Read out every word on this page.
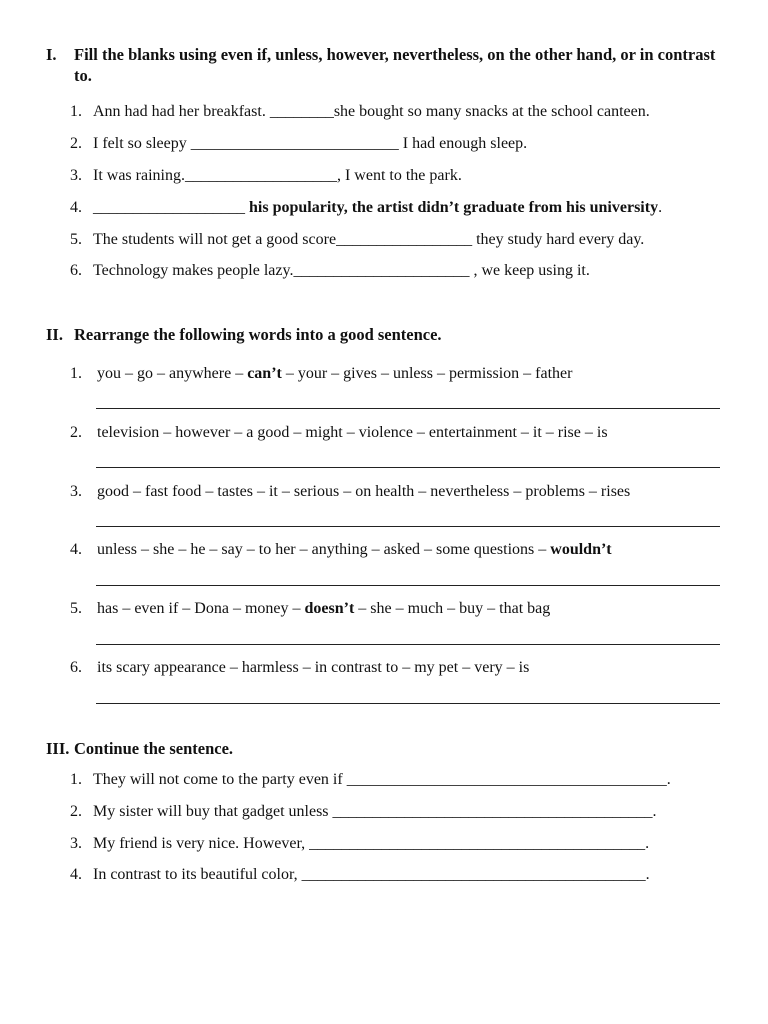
I. Fill the blanks using even if, unless, however, nevertheless, on the other hand, or in contrast to.
1. Ann had had her breakfast. ________she bought so many snacks at the school canteen.
2. I felt so sleepy __________________________ I had enough sleep.
3. It was raining.___________________, I went to the park.
4. ___________________ his popularity, the artist didn’t graduate from his university.
5. The students will not get a good score_________________ they study hard every day.
6. Technology makes people lazy.______________________ , we keep using it.
II. Rearrange the following words into a good sentence.
1. you – go – anywhere – can’t – your – gives – unless – permission – father
2. television – however – a good – might – violence – entertainment – it – rise – is
3. good – fast food – tastes – it – serious – on health – nevertheless – problems – rises
4. unless – she – he – say – to her – anything – asked – some questions – wouldn’t
5. has – even if – Dona – money – doesn’t – she – much – buy – that bag
6. its scary appearance – harmless – in contrast to – my pet – very – is
III. Continue the sentence.
1. They will not come to the party even if ________________________________________.
2. My sister will buy that gadget unless ________________________________________.
3. My friend is very nice. However, __________________________________________.
4. In contrast to its beautiful color, ___________________________________________.
